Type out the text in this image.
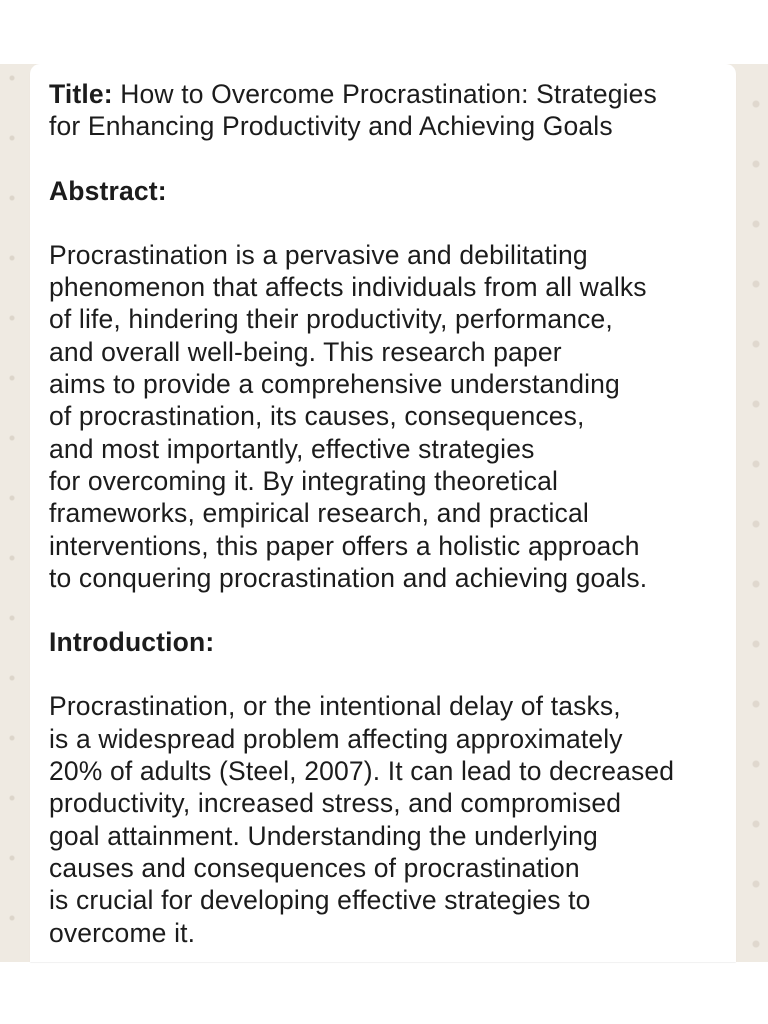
Title: How to Overcome Procrastination: Strategies
for Enhancing Productivity and Achieving Goals

Abstract:

Procrastination is a pervasive and debilitating
phenomenon that affects individuals from all walks
of life, hindering their productivity, performance,
and overall well-being. This research paper
aims to provide a comprehensive understanding
of procrastination, its causes, consequences,
and most importantly, effective strategies
for overcoming it. By integrating theoretical
frameworks, empirical research, and practical
interventions, this paper offers a holistic approach
to conquering procrastination and achieving goals.

Introduction:

Procrastination, or the intentional delay of tasks,
is a widespread problem affecting approximately
20% of adults (Steel, 2007). It can lead to decreased
productivity, increased stress, and compromised
goal attainment. Understanding the underlying
causes and consequences of procrastination
is crucial for developing effective strategies to
overcome it.
